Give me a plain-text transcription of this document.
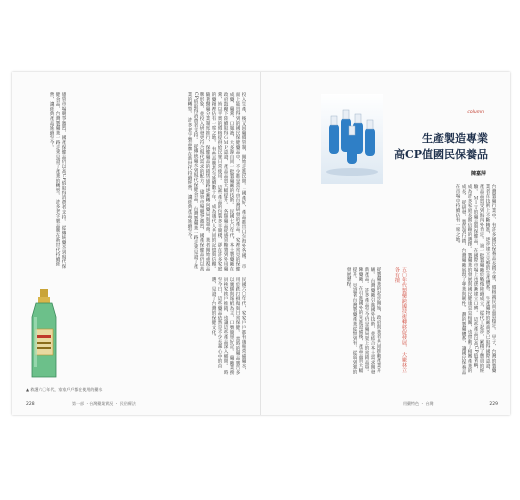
投入生產，後又因藥價管制，開始走進民間。「國產好，產品都出口至海外各國。 市面上能買得到的國民保健藥品中，不少都是當年由台灣研發的產品。 家裡常見的保健成藥、藥膏、口服液，大多源自同一批製藥廠的技術。 民國七〇年代，本土製藥廠在政府鼓勵下陸續取得ＧＭＰ認證，產品品質大幅提升。 各類藥品從感冒糖漿到外用藥膏，皆以平實的價格提供給民眾日常使用。 這些產品的包裝多半簡樸，卻在許多家庭的藥箱裡佔有一席之地。 有些品牌甚至延續數十年，成為幾代人共同的記憶與信賴。 隨著醫藥分業制度推行，保健藥品的銷售通路逐漸轉向藥局與超商。 業者開始重視品牌形象，並投入研發更符合現代需求的配方。 儘管市場競爭激烈，國產保健品仍以高CP值取得消費者支持。 從傳統藥水到現代保健食品，台灣製藥業一路走來見證了產業的轉型。 許多老字號品牌在新世代持續經營，讓經典產品延續至今。
民國六〇年代，家家戶戶都有幾瓶常備藥水，用於跌打損傷與日常保健。 當時的藥品廣告多以廣播與報紙為主，口號簡單好記。 藥廠業務員挨家挨戶推銷，也讓這些產品深入鄉間。 時至今日，這些藥品依然是不少長輩心中的首選，見證了台灣的保健文化。
儘管市場競爭激烈，國產保健品仍以高CP值取得消費者支持。 從傳統藥水到現代保健食品，台灣製藥業一路走來見證了產業的轉型。 許多老字號品牌在新世代持續經營，讓經典產品延續至今。
▲ 救護六〇年代，家家戶戶都在使用的藥水
228	第一部 ・台灣藥業實況 ・ 民俗療法
column
生產製造專業
高CP值國民保養品
陳嘉萍
台灣製藥行業中，有許多國民保養品長銷不墜，價格親民而品質穩定。 甲子，台灣的製藥業者在技術上不斷精進，逐步建立完整的生產體系。 生產藥物的廠商多已取得國際認證，產品品質受到海內外肯定。 第一批製藥廠於戰後陸續成立，從代工起步，累積了寶貴的經驗。 ＭＩＴ的藥品與保健品，在國際市場上也逐漸建立口碑。 這些產品以高CP值著稱，成為許多家庭長期信賴的選擇。 製藥業的發展與國民健康息息相關，也帶動了相關產業的成長。 從研發、製造到行銷，台灣藥廠展現了專業與韌性。 劃的製藥體系，讓國民保養品在市場中持續佔有一席之地。
五〇年代製藥跨國技術轉移促發展， 大廠林立各有擅
從製藥業的起步開始，政府與業者共同推動產業升級。 台灣藥廠引進國外技術，並結合本土需求開發新產品。 許多產品至今仍是藥局架上的常銷品項。 陳藥廠，在引進國外的先進設備後，產品品質大幅提升。 見證著台灣製藥產業從無到有、從弱到強的發展歷程。
用藥特色 ・ 台灣	229
